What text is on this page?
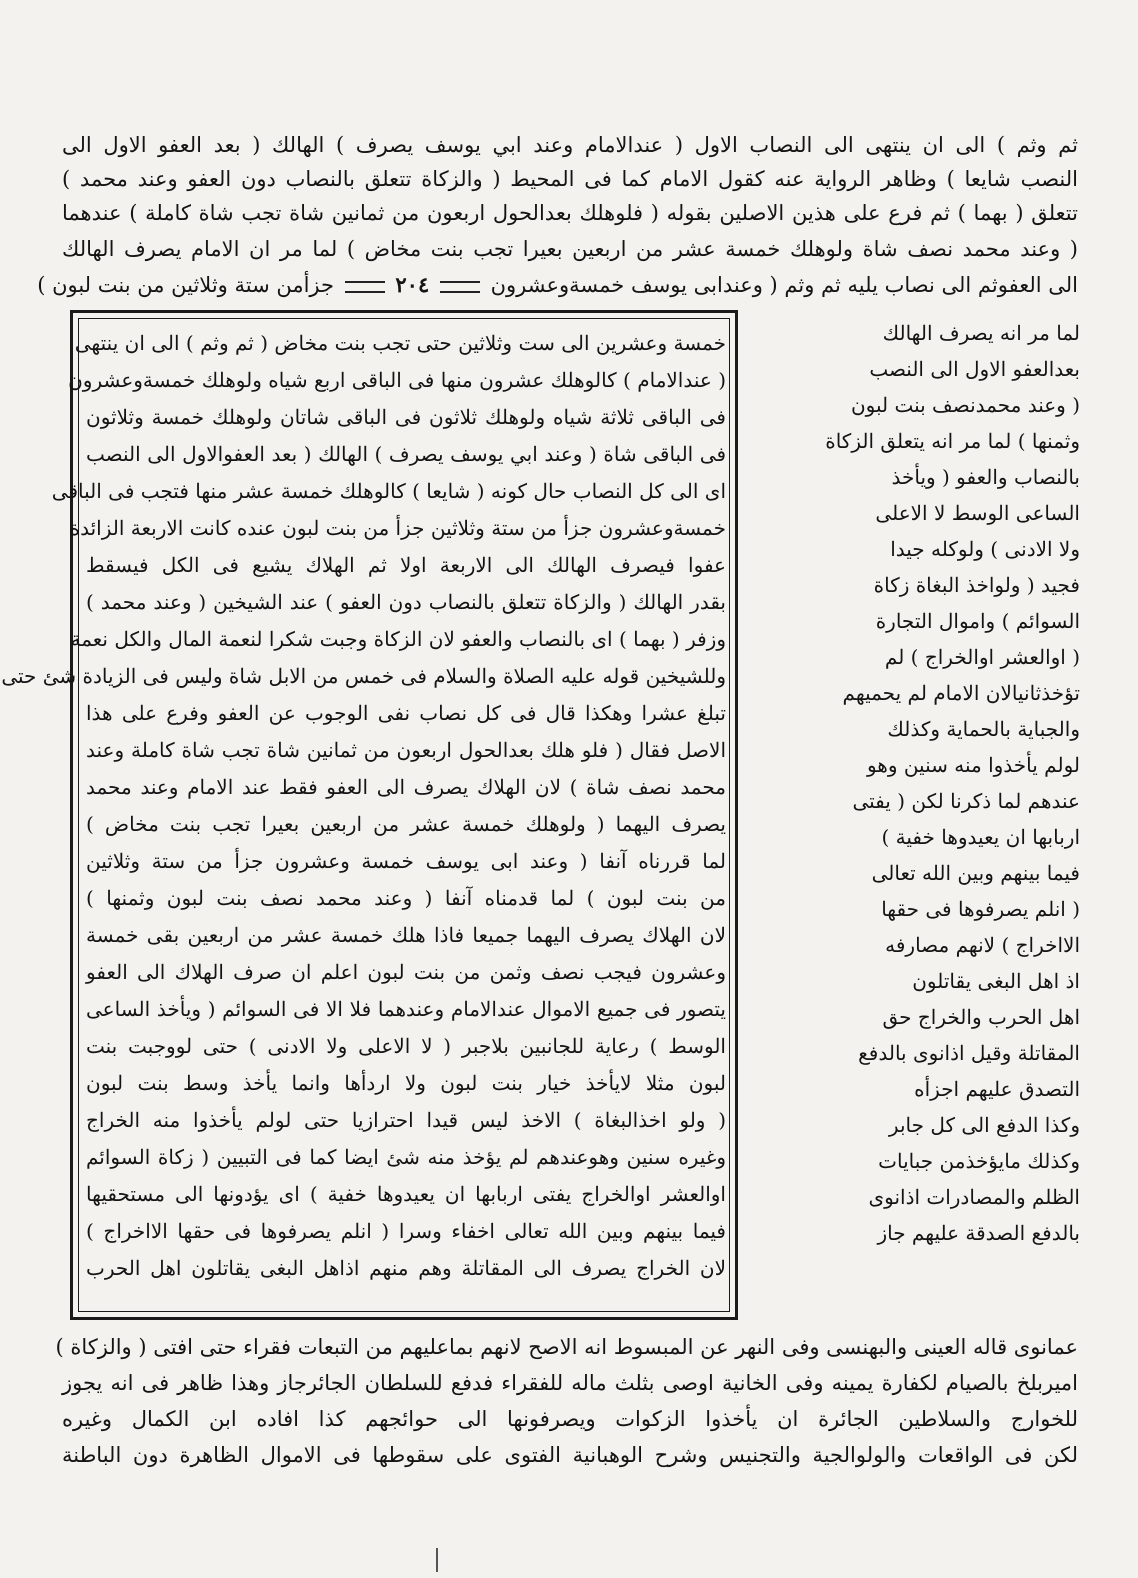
ثم وثم ) الى ان ينتهى الى النصاب الاول ( عندالامام وعند ابي يوسف يصرف ) الهالك ( بعد العفو الاول الى
النصب شايعا ) وظاهر الرواية عنه كقول الامام كما فى المحيط ( والزكاة تتعلق بالنصاب دون العفو وعند محمد )
تتعلق ( بهما ) ثم فرع على هذين الاصلين بقوله ( فلوهلك بعدالحول اربعون من ثمانين شاة تجب شاة كاملة ) عندهما
( وعند محمد نصف شاة ولوهلك خمسة عشر من اربعين بعيرا تجب بنت مخاض ) لما مر ان الامام يصرف الهالك
الى العفوثم الى نصاب يليه ثم وثم ( وعندابى يوسف خمسةوعشرون  ٢٠٤  جزأمن ستة وثلاثين من بنت لبون )
خمسة وعشرين الى ست وثلاثين حتى تجب بنت مخاض ( ثم وثم ) الى ان ينتهى
( عندالامام ) كالوهلك عشرون منها فى الباقى اربع شياه ولوهلك خمسةوعشرون
فى الباقى ثلاثة شياه ولوهلك ثلاثون فى الباقى شاتان ولوهلك خمسة وثلاثون
فى الباقى شاة ( وعند ابي يوسف يصرف ) الهالك ( بعد العفوالاول الى النصب
اى الى كل النصاب حال كونه ( شايعا ) كالوهلك خمسة عشر منها فتجب فى الباقى
خمسةوعشرون جزأ من ستة وثلاثين جزأ من بنت لبون عنده كانت الاربعة الزائدة
عفوا فيصرف الهالك الى الاربعة اولا ثم الهلاك يشيع فى الكل فيسقط
بقدر الهالك ( والزكاة تتعلق بالنصاب دون العفو ) عند الشيخين ( وعند محمد )
وزفر ( بهما ) اى بالنصاب والعفو لان الزكاة وجبت شكرا لنعمة المال والكل نعمة
وللشيخين قوله عليه الصلاة والسلام فى خمس من الابل شاة وليس فى الزيادة شئ حتى
تبلغ عشرا وهكذا قال فى كل نصاب نفى الوجوب عن العفو وفرع على هذا
الاصل فقال ( فلو هلك بعدالحول اربعون من ثمانين شاة تجب شاة كاملة وعند
محمد نصف شاة ) لان الهلاك يصرف الى العفو فقط عند الامام وعند محمد
يصرف اليهما ( ولوهلك خمسة عشر من اربعين بعيرا تجب بنت مخاض )
لما قررناه آنفا ( وعند ابى يوسف خمسة وعشرون جزأ من ستة وثلاثين
من بنت لبون ) لما قدمناه آنفا ( وعند محمد نصف بنت لبون وثمنها )
لان الهلاك يصرف اليهما جميعا فاذا هلك خمسة عشر من اربعين بقى خمسة
وعشرون فيجب نصف وثمن من بنت لبون اعلم ان صرف الهلاك الى العفو
يتصور فى جميع الاموال عندالامام وعندهما فلا الا فى السوائم ( ويأخذ الساعى
الوسط ) رعاية للجانبين بلاجبر ( لا الاعلى ولا الادنى ) حتى لووجبت بنت
لبون مثلا لايأخذ خيار بنت لبون ولا اردأها وانما يأخذ وسط بنت لبون
( ولو اخذالبغاة ) الاخذ ليس قيدا احترازيا حتى لولم يأخذوا منه الخراج
وغيره سنين وهوعندهم لم يؤخذ منه شئ ايضا كما فى التبيين ( زكاة السوائم
اوالعشر اوالخراج يفتى اربابها ان يعيدوها خفية ) اى يؤدونها الى مستحقيها
فيما بينهم وبين الله تعالى اخفاء وسرا ( انلم يصرفوها فى حقها الااخراج )
لان الخراج يصرف الى المقاتلة وهم منهم اذاهل البغى يقاتلون اهل الحرب
لما مر انه يصرف الهالك
بعدالعفو الاول الى النصب
( وعند محمدنصف بنت لبون
وثمنها ) لما مر انه يتعلق الزكاة
بالنصاب والعفو ( ويأخذ
الساعى الوسط لا الاعلى
ولا الادنى ) ولوكله جيدا
فجيد ( ولواخذ البغاة زكاة
السوائم ) واموال التجارة
( اوالعشر اوالخراج ) لم
تؤخذثانيالان الامام لم يحميهم
والجباية بالحماية وكذلك
لولم يأخذوا منه سنين وهو
عندهم لما ذكرنا لكن ( يفتى
اربابها ان يعيدوها خفية )
فيما بينهم وبين الله تعالى
( انلم يصرفوها فى حقها
الااخراج ) لانهم مصارفه
اذ اهل البغى يقاتلون
اهل الحرب والخراج حق
المقاتلة وقيل اذانوى بالدفع
التصدق عليهم اجزأه
وكذا الدفع الى كل جابر
وكذلك مايؤخذمن جبايات
الظلم والمصادرات اذانوى
بالدفع الصدقة عليهم جاز
عمانوى قاله العينى والبهنسى وفى النهر عن المبسوط انه الاصح لانهم بماعليهم من التبعات فقراء حتى افتى ( والزكاة )
اميربلخ بالصيام لكفارة يمينه وفى الخانية اوصى بثلث ماله للفقراء فدفع للسلطان الجائرجاز وهذا ظاهر فى انه يجوز
للخوارج والسلاطين الجائرة ان يأخذوا الزكوات ويصرفونها الى حوائجهم كذا افاده ابن الكمال وغيره
لكن فى الواقعات والولوالجية والتجنيس وشرح الوهبانية الفتوى على سقوطها فى الاموال الظاهرة دون الباطنة
